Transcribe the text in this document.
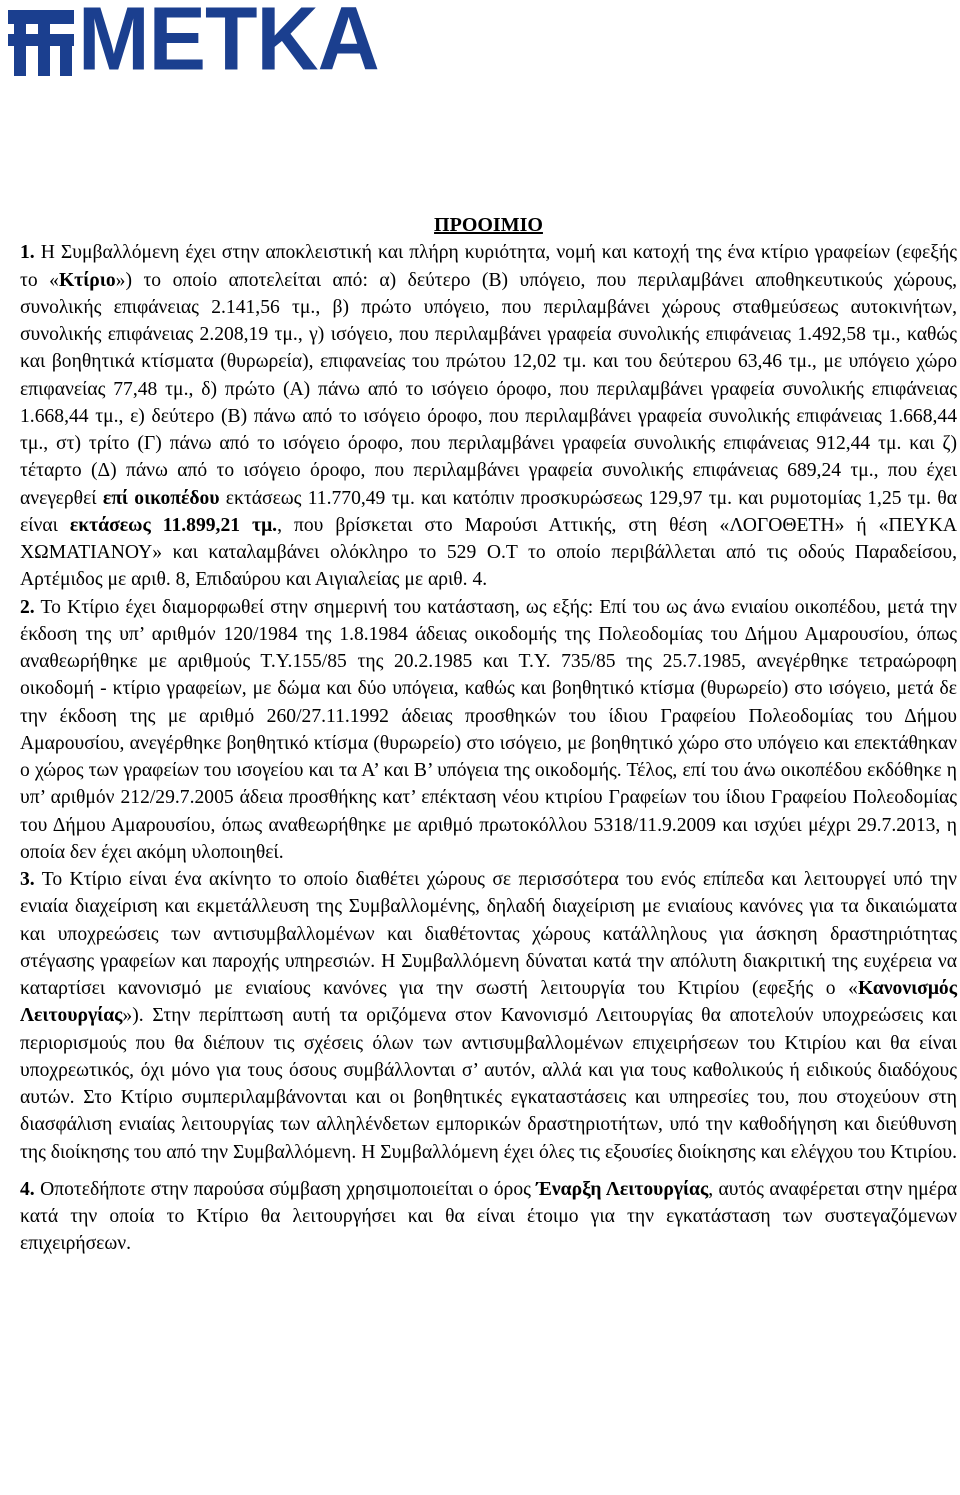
METKA
ΠΡΟΟΙΜΙΟ

1. Η Συμβαλλόμενη έχει στην αποκλειστική και πλήρη κυριότητα, νομή και κατοχή της ένα κτίριο γραφείων (εφεξής το «Κτίριο») το οποίο αποτελείται από: α) δεύτερο (Β) υπόγειο, που περιλαμβάνει αποθηκευτικούς χώρους, συνολικής επιφάνειας 2.141,56 τμ., β) πρώτο υπόγειο, που περιλαμβάνει χώρους σταθμεύσεως αυτοκινήτων, συνολικής επιφάνειας 2.208,19 τμ., γ) ισόγειο, που περιλαμβάνει γραφεία συνολικής επιφάνειας 1.492,58 τμ., καθώς και βοηθητικά κτίσματα (θυρωρεία), επιφανείας του πρώτου 12,02 τμ. και του δεύτερου 63,46 τμ., με υπόγειο χώρο επιφανείας 77,48 τμ., δ) πρώτο (Α) πάνω από το ισόγειο όροφο, που περιλαμβάνει γραφεία συνολικής επιφάνειας 1.668,44 τμ., ε) δεύτερο (Β) πάνω από το ισόγειο όροφο, που περιλαμβάνει γραφεία συνολικής επιφάνειας 1.668,44 τμ., στ) τρίτο (Γ) πάνω από το ισόγειο όροφο, που περιλαμβάνει γραφεία συνολικής επιφάνειας 912,44 τμ. και ζ) τέταρτο (Δ) πάνω από το ισόγειο όροφο, που περιλαμβάνει γραφεία συνολικής επιφάνειας 689,24 τμ., που έχει ανεγερθεί επί οικοπέδου εκτάσεως 11.770,49 τμ. και κατόπιν προσκυρώσεως 129,97 τμ. και ρυμοτομίας 1,25 τμ. θα είναι εκτάσεως 11.899,21 τμ., που βρίσκεται στο Μαρούσι Αττικής, στη θέση «ΛΟΓΟΘΕΤΗ» ή «ΠΕΥΚΑ ΧΩΜΑΤΙΑΝΟΥ» και καταλαμβάνει ολόκληρο το 529 Ο.Τ το οποίο περιβάλλεται από τις οδούς Παραδείσου, Αρτέμιδος με αριθ. 8, Επιδαύρου και Αιγιαλείας με αριθ. 4.

2. Το Κτίριο έχει διαμορφωθεί στην σημερινή του κατάσταση, ως εξής: Επί του ως άνω ενιαίου οικοπέδου, μετά την έκδοση της υπ’ αριθμόν 120/1984 της 1.8.1984 άδειας οικοδομής της Πολεοδομίας του Δήμου Αμαρουσίου, όπως αναθεωρήθηκε με αριθμούς Τ.Υ.155/85 της 20.2.1985 και Τ.Υ. 735/85 της 25.7.1985, ανεγέρθηκε τετραώροφη οικοδομή - κτίριο γραφείων, με δώμα και δύο υπόγεια, καθώς και βοηθητικό κτίσμα (θυρωρείο) στο ισόγειο, μετά δε την έκδοση της με αριθμό 260/27.11.1992 άδειας προσθηκών του ίδιου Γραφείου Πολεοδομίας του Δήμου Αμαρουσίου, ανεγέρθηκε βοηθητικό κτίσμα (θυρωρείο) στο ισόγειο, με βοηθητικό χώρο στο υπόγειο και επεκτάθηκαν ο χώρος των γραφείων του ισογείου και τα Α’ και Β’ υπόγεια της οικοδομής. Τέλος, επί του άνω οικοπέδου εκδόθηκε η υπ’ αριθμόν 212/29.7.2005 άδεια προσθήκης κατ’ επέκταση νέου κτιρίου Γραφείων του ίδιου Γραφείου Πολεοδομίας του Δήμου Αμαρουσίου, όπως αναθεωρήθηκε με αριθμό πρωτοκόλλου 5318/11.9.2009 και ισχύει μέχρι 29.7.2013, η οποία δεν έχει ακόμη υλοποιηθεί.

3. Το Κτίριο είναι ένα ακίνητο το οποίο διαθέτει χώρους σε περισσότερα του ενός επίπεδα και λειτουργεί υπό την ενιαία διαχείριση και εκμετάλλευση της Συμβαλλομένης, δηλαδή διαχείριση με ενιαίους κανόνες για τα δικαιώματα και υποχρεώσεις των αντισυμβαλλομένων και διαθέτοντας χώρους κατάλληλους για άσκηση δραστηριότητας στέγασης γραφείων και παροχής υπηρεσιών. Η Συμβαλλόμενη δύναται κατά την απόλυτη διακριτική της ευχέρεια να καταρτίσει κανονισμό με ενιαίους κανόνες για την σωστή λειτουργία του Κτιρίου (εφεξής ο «Κανονισμός Λειτουργίας»). Στην περίπτωση αυτή τα οριζόμενα στον Κανονισμό Λειτουργίας θα αποτελούν υποχρεώσεις και περιορισμούς που θα διέπουν τις σχέσεις όλων των αντισυμβαλλομένων επιχειρήσεων του Κτιρίου και θα είναι υποχρεωτικός, όχι μόνο για τους όσους συμβάλλονται σ’ αυτόν, αλλά και για τους καθολικούς ή ειδικούς διαδόχους αυτών. Στο Κτίριο συμπεριλαμβάνονται και οι βοηθητικές εγκαταστάσεις και υπηρεσίες του, που στοχεύουν στη διασφάλιση ενιαίας λειτουργίας των αλληλένδετων εμπορικών δραστηριοτήτων, υπό την καθοδήγηση και διεύθυνση της διοίκησης του από την Συμβαλλόμενη. Η Συμβαλλόμενη έχει όλες τις εξουσίες διοίκησης και ελέγχου του Κτιρίου.

4. Οποτεδήποτε στην παρούσα σύμβαση χρησιμοποιείται ο όρος Έναρξη Λειτουργίας, αυτός αναφέρεται στην ημέρα κατά την οποία το Κτίριο θα λειτουργήσει και θα είναι έτοιμο για την εγκατάσταση των συστεγαζόμενων επιχειρήσεων.
